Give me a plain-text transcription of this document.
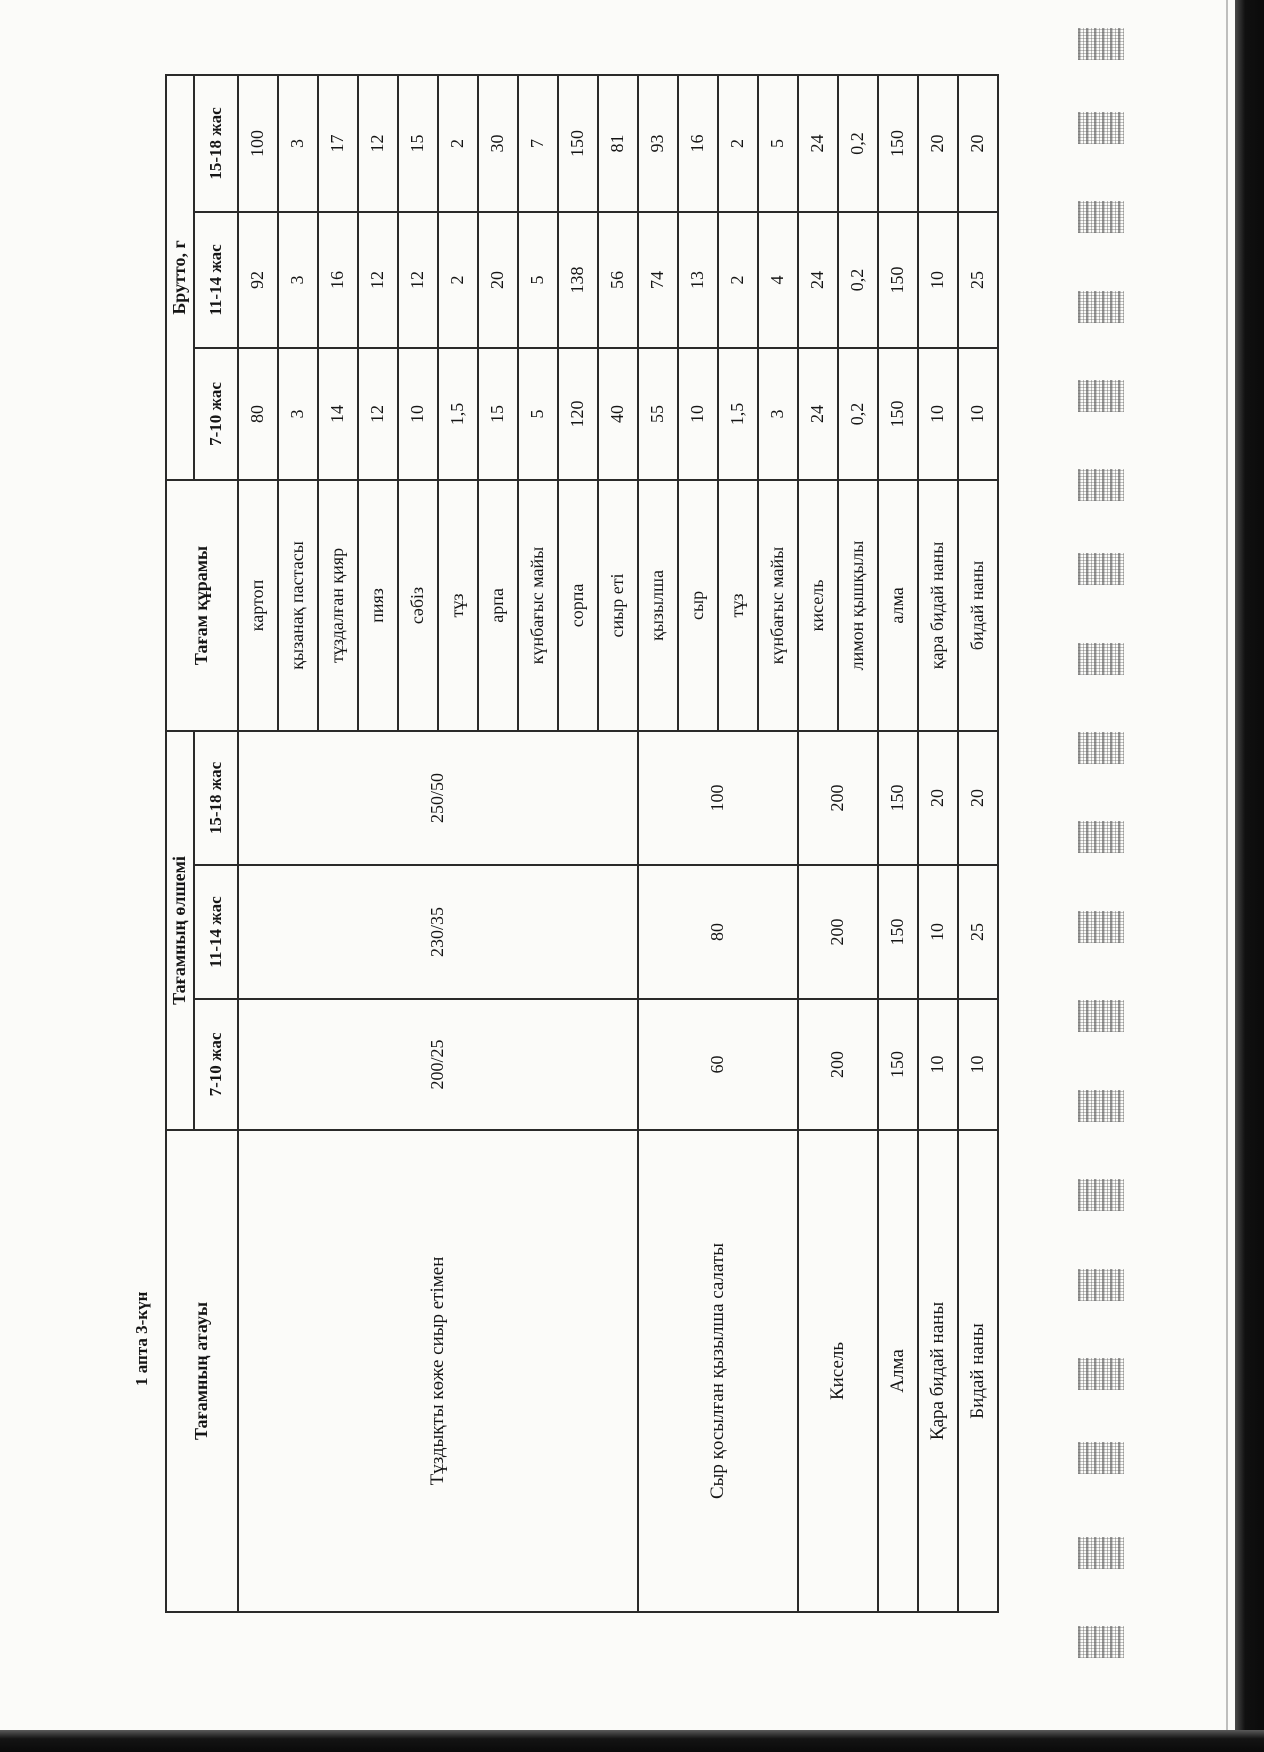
1 апта 3-күн Тағамның атауы	Тағамның өлшемі			Тағам құрамы	Брутто, г		
	7-10 жас	11-14 жас	15-18 жас		7-10 жас	11-14 жас	15-18 жас
Тұздықты көже сиыр етімен	200/25	230/35	250/50	картоп	80	92	100
				қызанақ пастасы	3	3	3
				тұздалған қияр	14	16	17
				пияз	12	12	12
				сәбіз	10	12	15
				тұз	1,5	2	2
				арпа	15	20	30
				күнбағыс майы	5	5	7
				сорпа	120	138	150
				сиыр еті	40	56	81
Сыр қосылған қызылша салаты	60	80	100	қызылша	55	74	93
				сыр	10	13	16
				тұз	1,5	2	2
				күнбағыс майы	3	4	5
Кисель	200	200	200	кисель	24	24	24
				лимон қышқылы	0,2	0,2	0,2
Алма	150	150	150	алма	150	150	150
Қара бидай наны	10	10	20	қара бидай наны	10	10	20
Бидай наны	10	25	20	бидай наны	10	25	20
